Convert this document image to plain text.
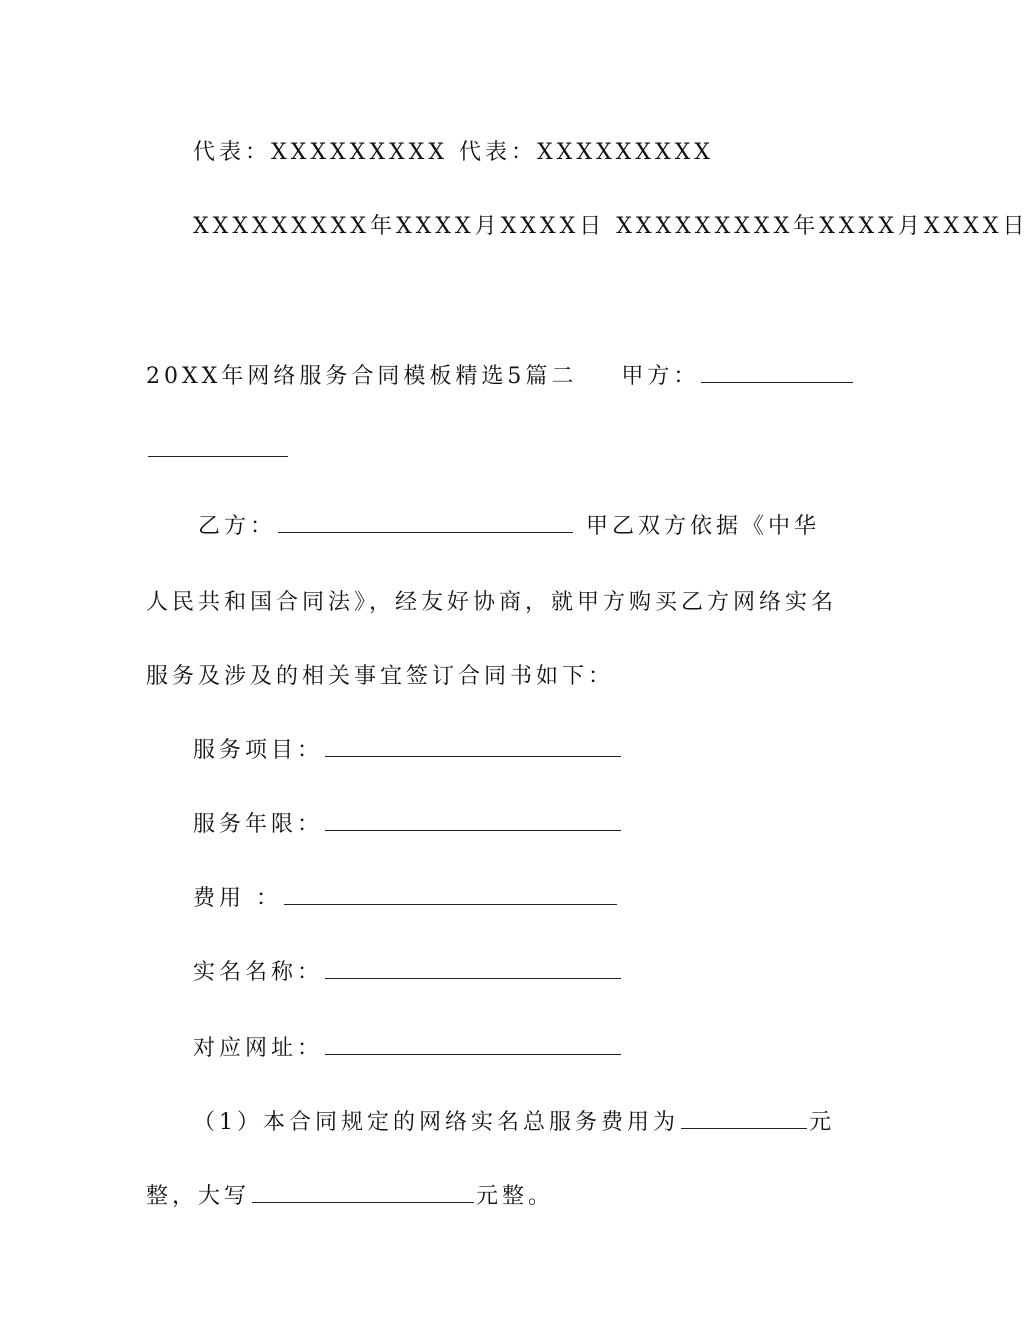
代表：XXXXXXXXX 代表：XXXXXXXXX
XXXXXXXXX年XXXX月XXXX日 XXXXXXXXX年XXXX月XXXX日
20XX年网络服务合同模板精选5篇二 甲方：
乙方：	甲乙双方依据《中华
人民共和国合同法》，经友好协商，就甲方购买乙方网络实名
服务及涉及的相关事宜签订合同书如下：
服务项目：
服务年限：
费用 ：
实名名称：
对应网址：
（1）本合同规定的网络实名总服务费用为	元
整，大写	元整。
